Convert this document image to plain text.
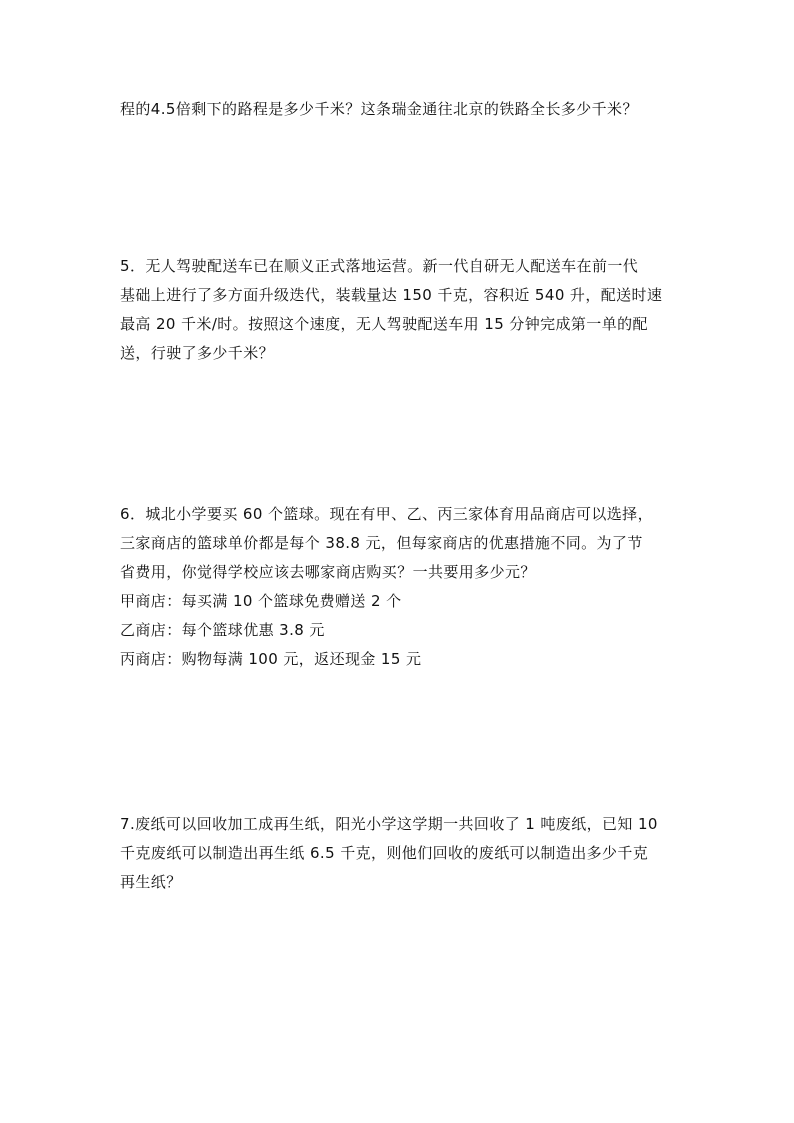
程的4.5倍剩下的路程是多少千米？这条瑞金通往北京的铁路全长多少千米？
5．无人驾驶配送车已在顺义正式落地运营。新一代自研无人配送车在前一代
基础上进行了多方面升级迭代，装载量达 150 千克，容积近 540 升，配送时速
最高 20 千米/时。按照这个速度，无人驾驶配送车用 15 分钟完成第一单的配
送，行驶了多少千米？
6．城北小学要买 60 个篮球。现在有甲、乙、丙三家体育用品商店可以选择，
三家商店的篮球单价都是每个 38.8 元，但每家商店的优惠措施不同。为了节
省费用，你觉得学校应该去哪家商店购买？一共要用多少元？
甲商店：每买满 10 个篮球免费赠送 2 个
乙商店：每个篮球优惠 3.8 元
丙商店：购物每满 100 元，返还现金 15 元
7.废纸可以回收加工成再生纸，阳光小学这学期一共回收了 1 吨废纸，已知 10
千克废纸可以制造出再生纸 6.5 千克，则他们回收的废纸可以制造出多少千克
再生纸？
